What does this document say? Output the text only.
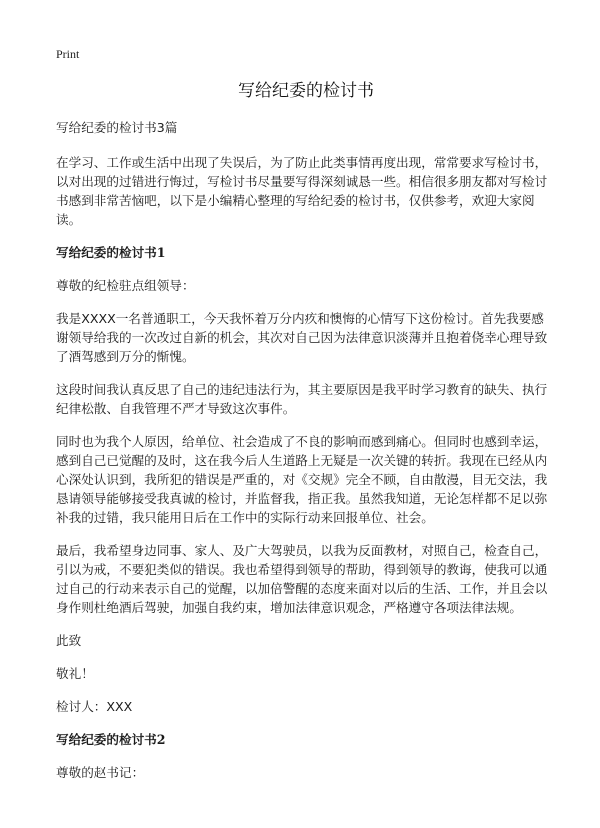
Print
写给纪委的检讨书

写给纪委的检讨书3篇

在学习、工作或生活中出现了失误后，为了防止此类事情再度出现，常常要求写检讨书，以对出现的过错进行悔过，写检讨书尽量要写得深刻诚恳一些。相信很多朋友都对写检讨书感到非常苦恼吧，以下是小编精心整理的写给纪委的检讨书，仅供参考，欢迎大家阅读。

写给纪委的检讨书1

尊敬的纪检驻点组领导：

我是XXXX一名普通职工，今天我怀着万分内疚和懊悔的心情写下这份检讨。首先我要感谢领导给我的一次改过自新的机会，其次对自己因为法律意识淡薄并且抱着侥幸心理导致了酒驾感到万分的惭愧。

这段时间我认真反思了自己的违纪违法行为，其主要原因是我平时学习教育的缺失、执行纪律松散、自我管理不严才导致这次事件。

同时也为我个人原因，给单位、社会造成了不良的影响而感到痛心。但同时也感到幸运，感到自己已觉醒的及时，这在我今后人生道路上无疑是一次关键的转折。我现在已经从内心深处认识到，我所犯的错误是严重的，对《交规》完全不顾，自由散漫，目无交法，我恳请领导能够接受我真诚的检讨，并监督我，指正我。虽然我知道，无论怎样都不足以弥补我的过错，我只能用日后在工作中的实际行动来回报单位、社会。

最后，我希望身边同事、家人、及广大驾驶员，以我为反面教材，对照自己，检查自己，引以为戒，不要犯类似的错误。我也希望得到领导的帮助，得到领导的教诲，使我可以通过自己的行动来表示自己的觉醒，以加倍警醒的态度来面对以后的生活、工作，并且会以身作则杜绝酒后驾驶，加强自我约束，增加法律意识观念，严格遵守各项法律法规。

此致

敬礼！

检讨人：XXX

写给纪委的检讨书2

尊敬的赵书记：
